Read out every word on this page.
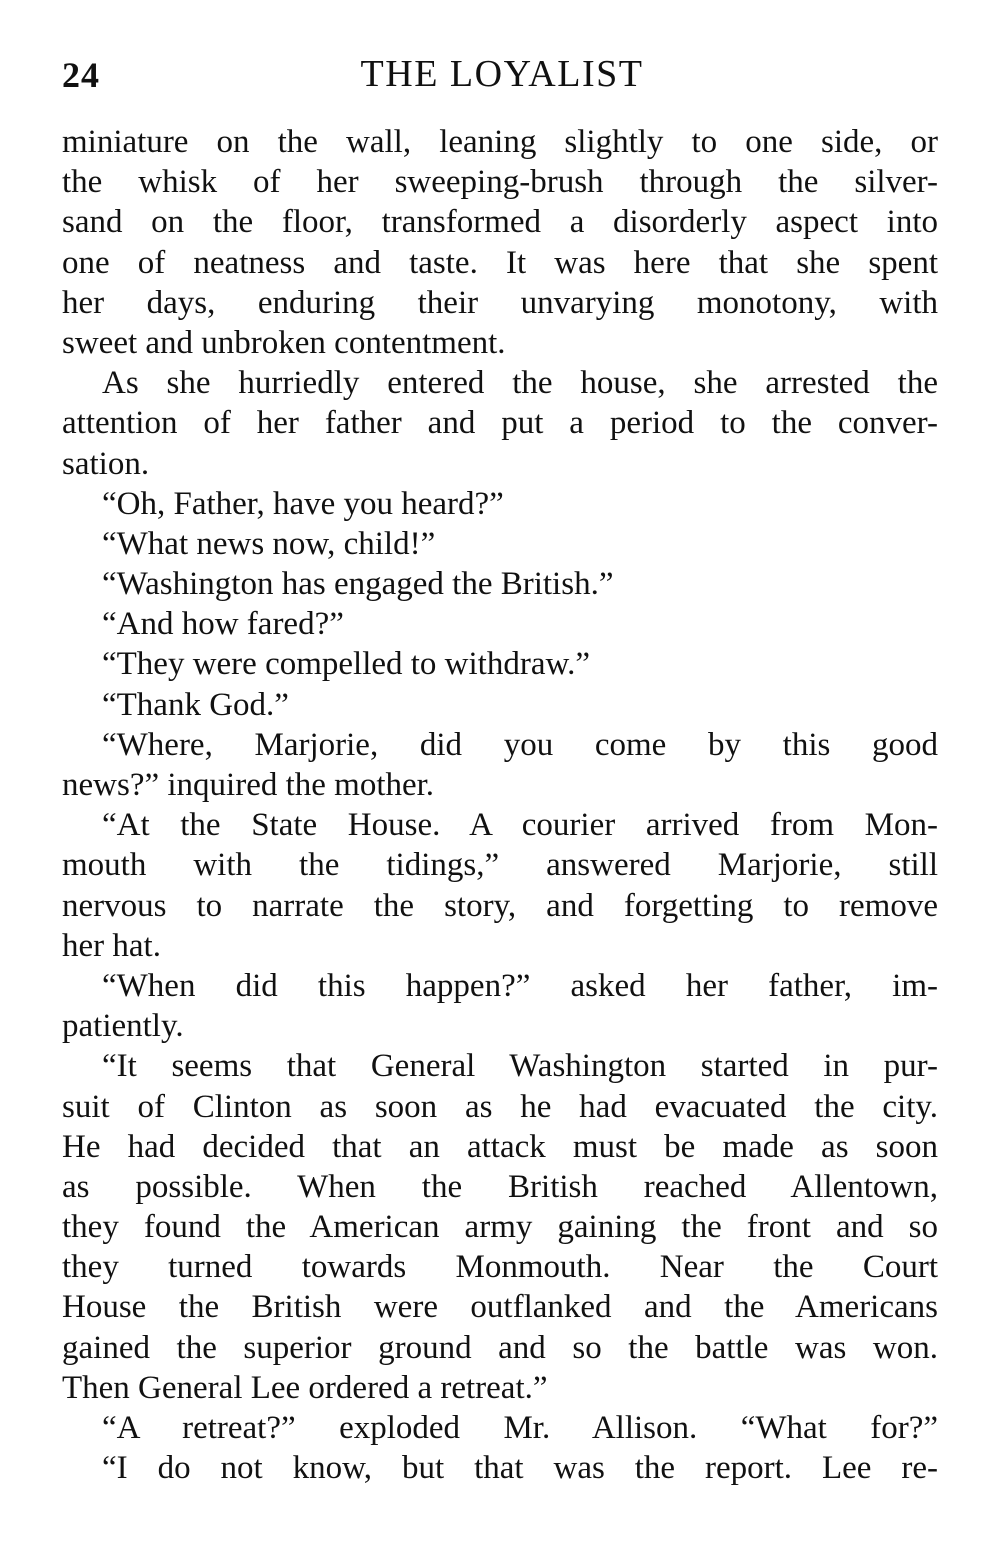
24	THE LOYALIST
miniature on the wall, leaning slightly to one side, or
the whisk of her sweeping-brush through the silver-
sand on the floor, transformed a disorderly aspect into
one of neatness and taste. It was here that she spent
her days, enduring their unvarying monotony, with
sweet and unbroken contentment.
As she hurriedly entered the house, she arrested the
attention of her father and put a period to the conver-
sation.
“Oh, Father, have you heard?”
“What news now, child!”
“Washington has engaged the British.”
“And how fared?”
“They were compelled to withdraw.”
“Thank God.”
“Where, Marjorie, did you come by this good
news?” inquired the mother.
“At the State House. A courier arrived from Mon-
mouth with the tidings,” answered Marjorie, still
nervous to narrate the story, and forgetting to remove
her hat.
“When did this happen?” asked her father, im-
patiently.
“It seems that General Washington started in pur-
suit of Clinton as soon as he had evacuated the city.
He had decided that an attack must be made as soon
as possible. When the British reached Allentown,
they found the American army gaining the front and so
they turned towards Monmouth. Near the Court
House the British were outflanked and the Americans
gained the superior ground and so the battle was won.
Then General Lee ordered a retreat.”
“A retreat?” exploded Mr. Allison. “What for?”
“I do not know, but that was the report. Lee re-
